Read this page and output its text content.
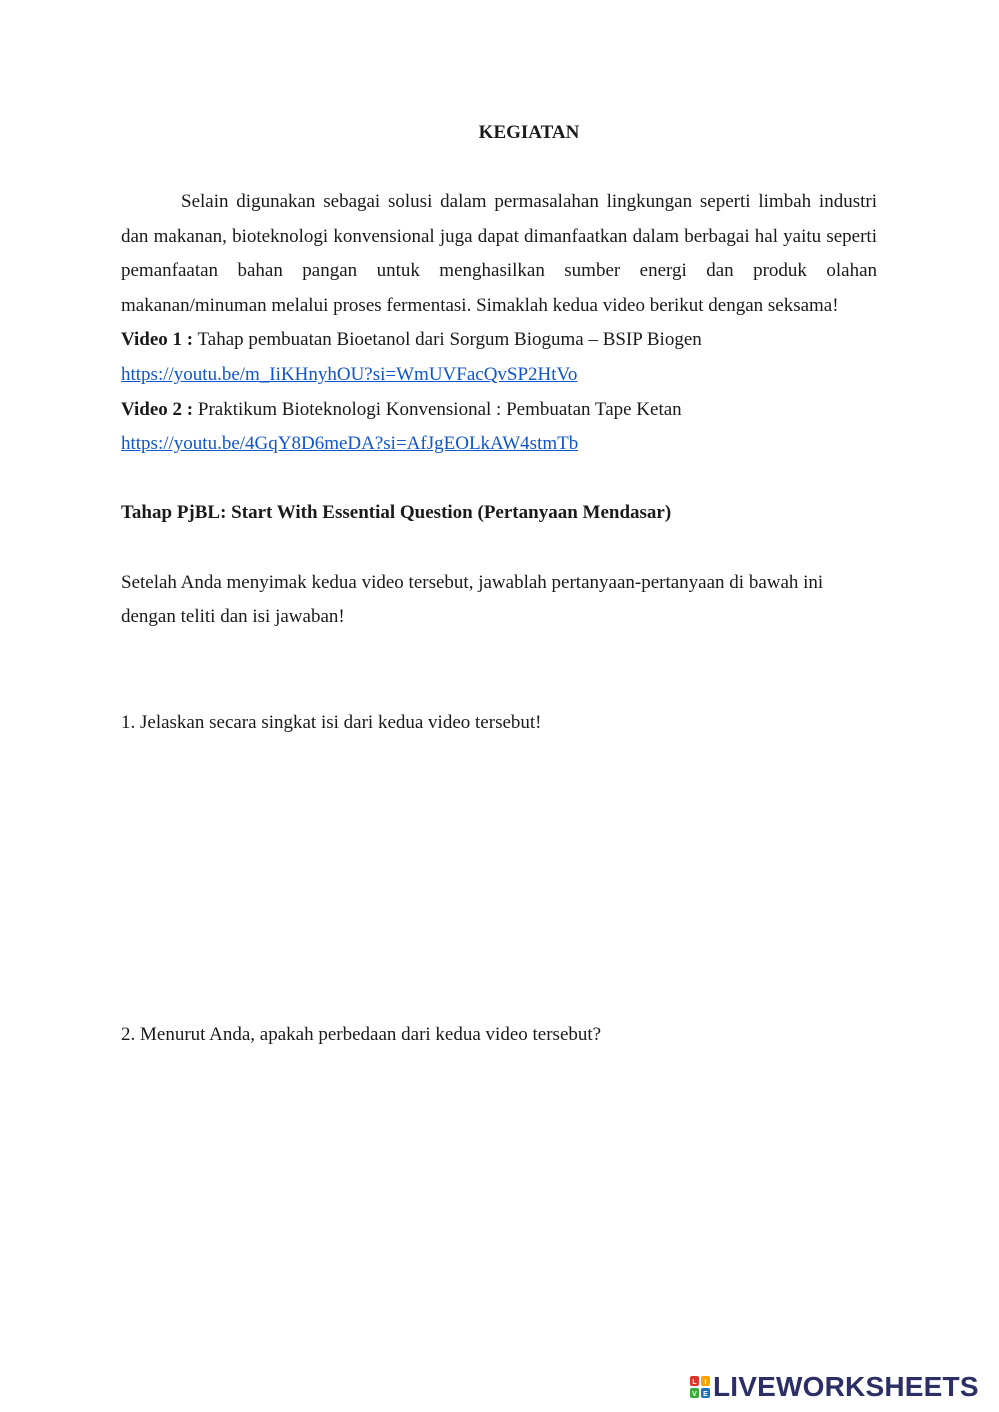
KEGIATAN

Selain digunakan sebagai solusi dalam permasalahan lingkungan seperti limbah industri dan makanan, bioteknologi konvensional juga dapat dimanfaatkan dalam berbagai hal yaitu seperti pemanfaatan bahan pangan untuk menghasilkan sumber energi dan produk olahan makanan/minuman melalui proses fermentasi. Simaklah kedua video berikut dengan seksama!

Video 1 : Tahap pembuatan Bioetanol dari Sorgum Bioguma – BSIP Biogen

https://youtu.be/m_IiKHnyhOU?si=WmUVFacQvSP2HtVo

Video 2 : Praktikum Bioteknologi Konvensional : Pembuatan Tape Ketan

https://youtu.be/4GqY8D6meDA?si=AfJgEOLkAW4stmTb

Tahap PjBL: Start With Essential Question (Pertanyaan Mendasar)

Setelah Anda menyimak kedua video tersebut, jawablah pertanyaan-pertanyaan di bawah ini dengan teliti dan isi jawaban!

1. Jelaskan secara singkat isi dari kedua video tersebut!

2. Menurut Anda, apakah perbedaan dari kedua video tersebut?

L I
V E LIVEWORKSHEETS
